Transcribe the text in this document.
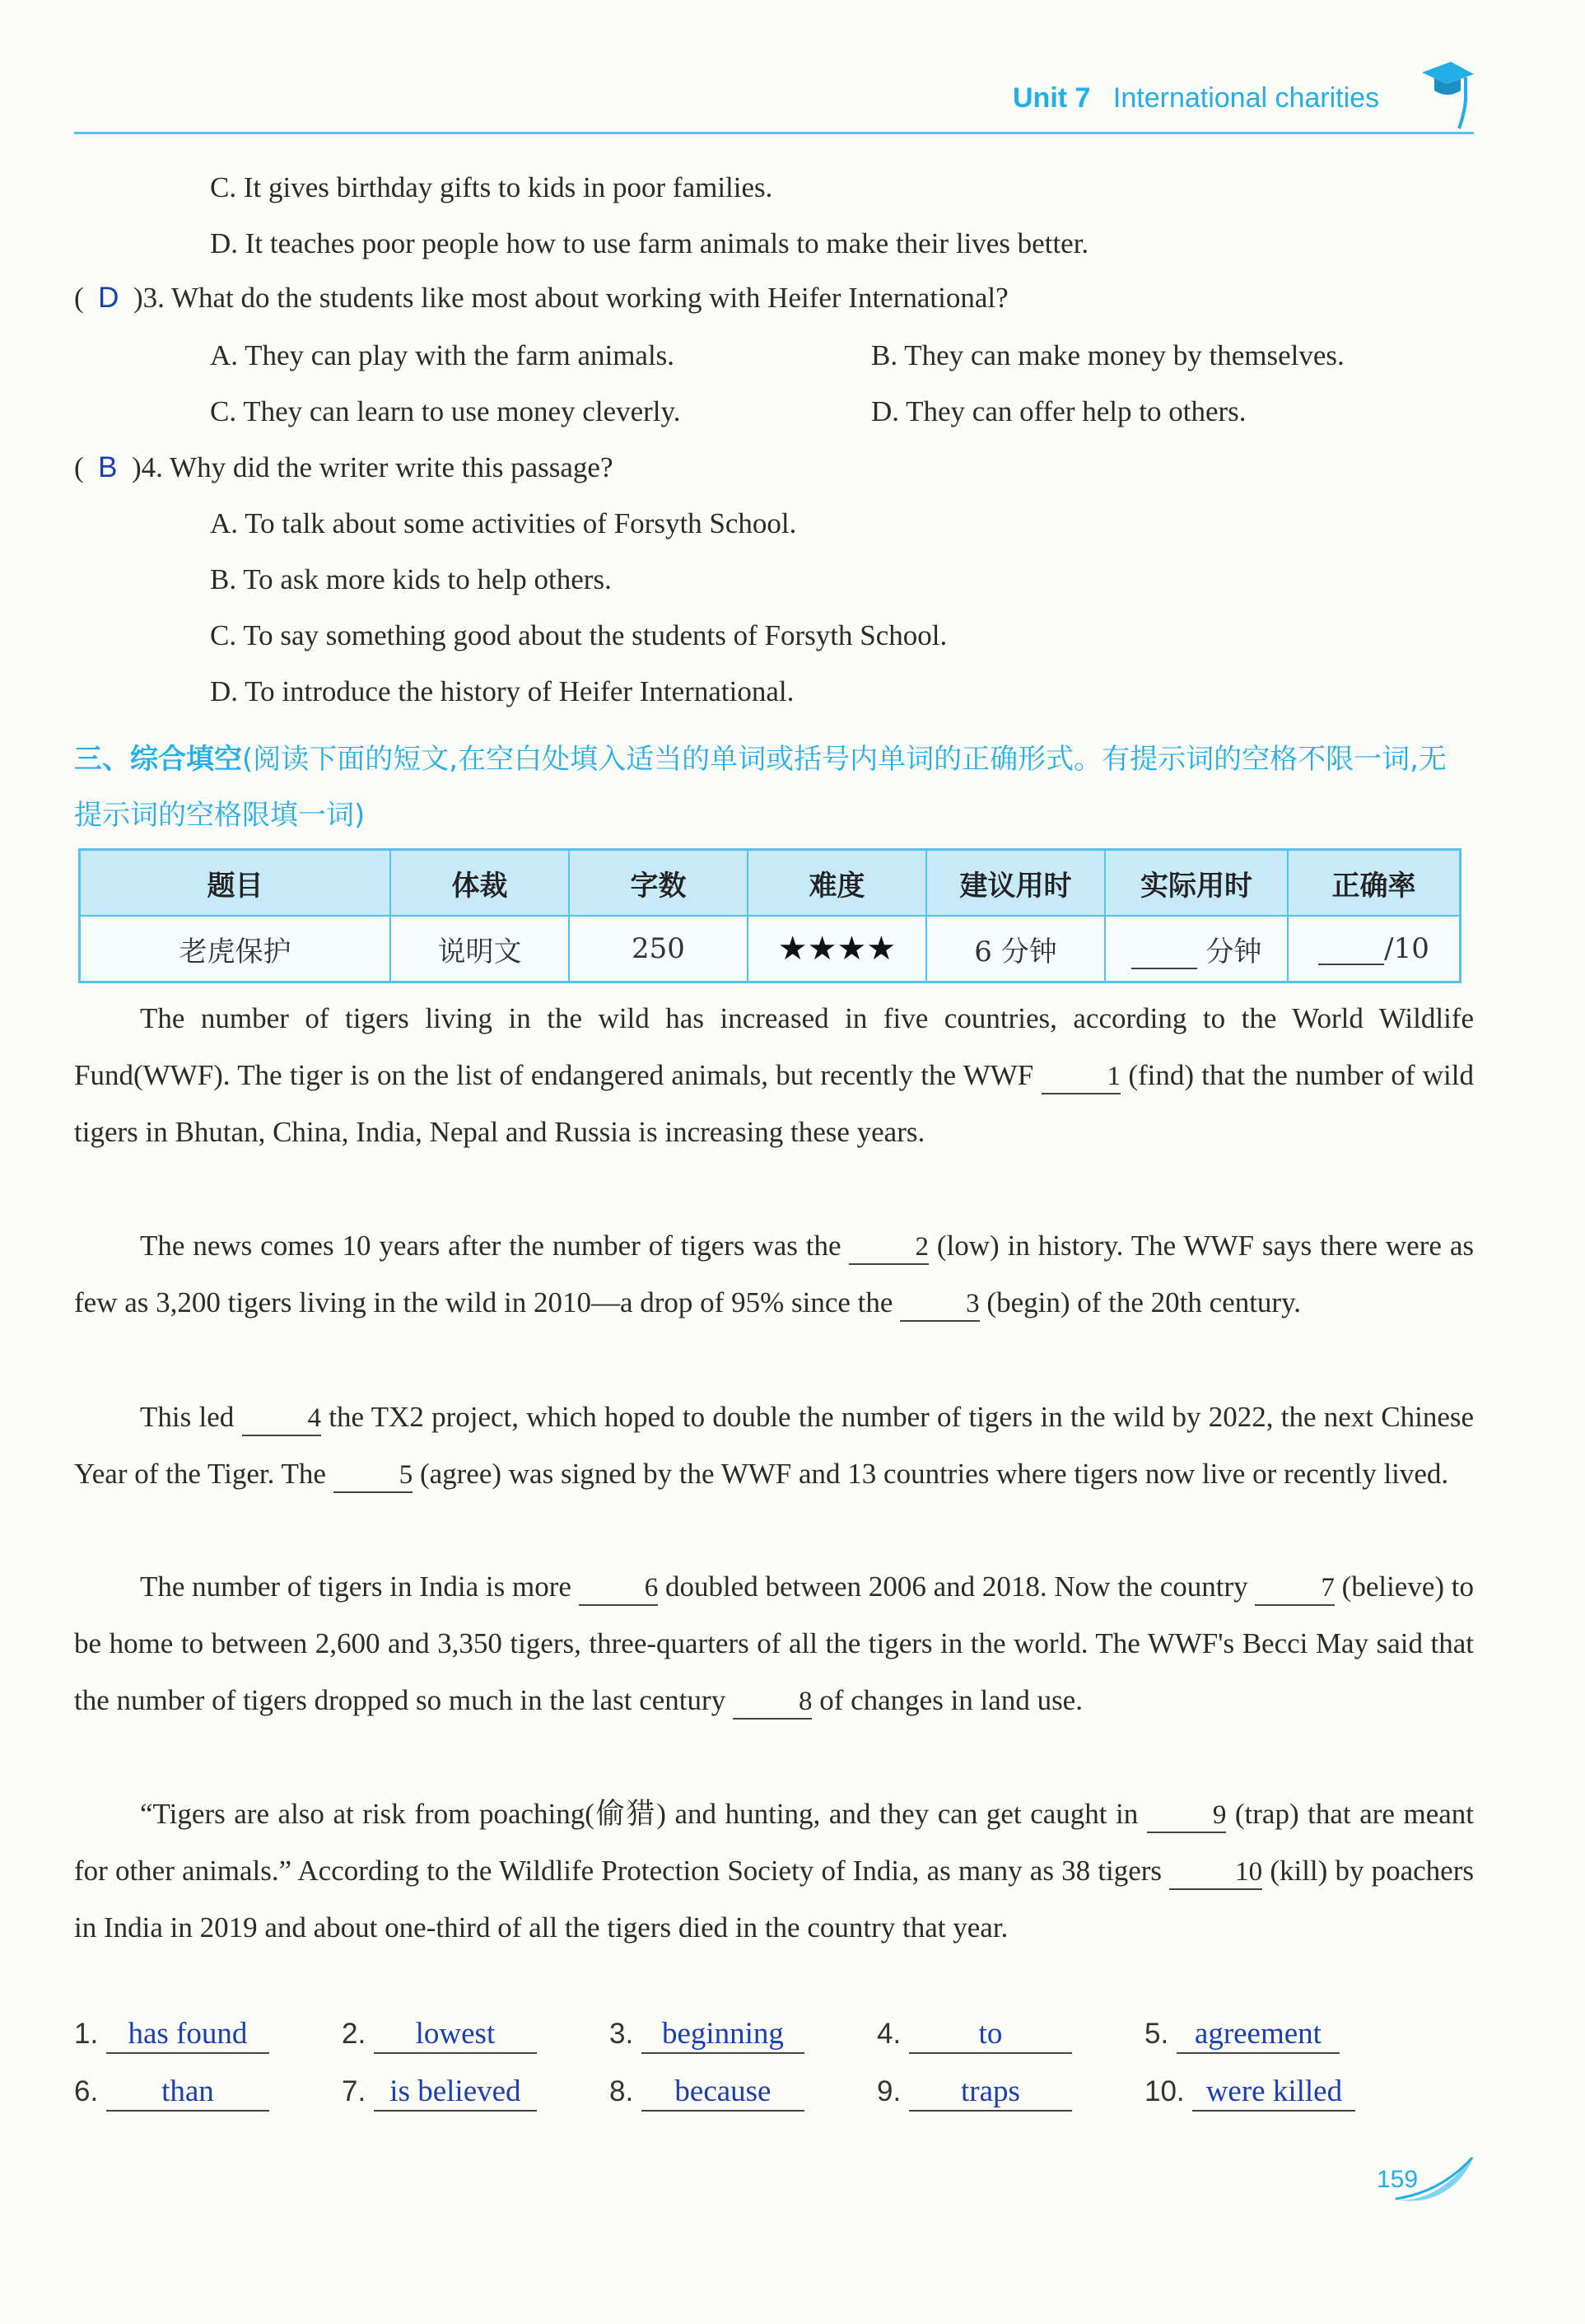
Unit 7 International charities
C. It gives birthday gifts to kids in poor families.
D. It teaches poor people how to use farm animals to make their lives better.
(  D )3. What do the students like most about working with Heifer International?
A. They can play with the farm animals.	B. They can make money by themselves.
C. They can learn to use money cleverly.	D. They can offer help to others.
(  B )4. Why did the writer write this passage?
A. To talk about some activities of Forsyth School.
B. To ask more kids to help others.
C. To say something good about the students of Forsyth School.
D. To introduce the history of Heifer International.
三、综合填空(阅读下面的短文,在空白处填入适当的单词或括号内单词的正确形式。有提示词的空格不限一词,无提示词的空格限填一词)
题目	体裁	字数	难度	建议用时	实际用时	正确率
老虎保护	说明文	250	★★★★	6 分钟	分钟	/10
The number of tigers living in the wild has increased in five countries, according to the World Wildlife Fund(WWF). The tiger is on the list of endangered animals, but recently the WWF 1 (find) that the number of wild tigers in Bhutan, China, India, Nepal and Russia is increasing these years.
The news comes 10 years after the number of tigers was the 2 (low) in history. The WWF says there were as few as 3,200 tigers living in the wild in 2010—a drop of 95% since the 3 (begin) of the 20th century.
This led 4 the TX2 project, which hoped to double the number of tigers in the wild by 2022, the next Chinese Year of the Tiger. The 5 (agree) was signed by the WWF and 13 countries where tigers now live or recently lived.
The number of tigers in India is more 6 doubled between 2006 and 2018. Now the country 7 (believe) to be home to between 2,600 and 3,350 tigers, three-quarters of all the tigers in the world. The WWF's Becci May said that the number of tigers dropped so much in the last century 8 of changes in land use.
“Tigers are also at risk from poaching(偷猎) and hunting, and they can get caught in 9 (trap) that are meant for other animals.” According to the Wildlife Protection Society of India, as many as 38 tigers 10 (kill) by poachers in India in 2019 and about one-third of all the tigers died in the country that year.
1. has found	2. lowest	3. beginning	4.	to	5. agreement
6. than	7. is believed	8. because	9. traps	10. were killed
159
